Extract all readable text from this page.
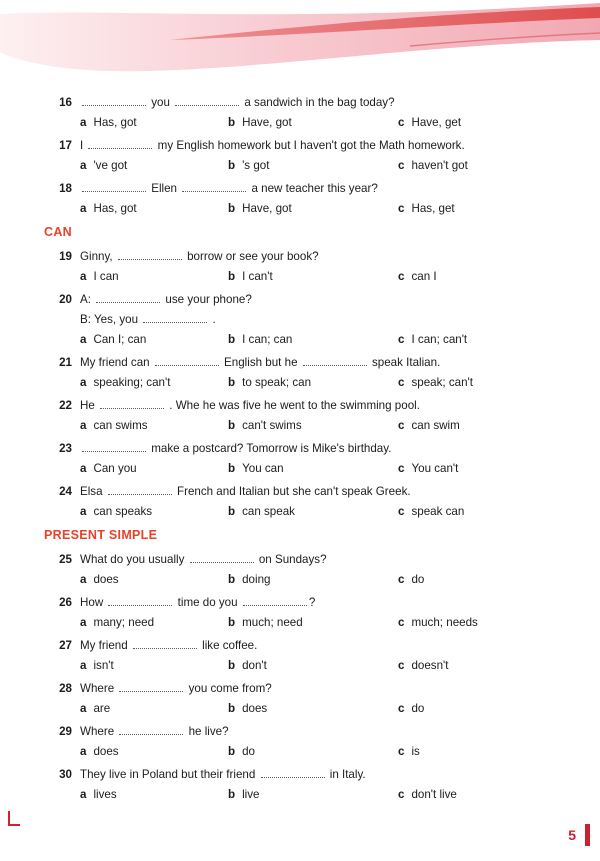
16	you	a sandwich in the bag today?
a Has, got	b Have, got	c Have, get
17 I	my English homework but I haven't got the Math homework.
a 've got	b 's got	c haven't got
18	Ellen	a new teacher this year?
a Has, got	b Have, got	c Has, get
CAN
19 Ginny,	borrow or see your book?
a I can	b I can't	c can I
20 A:	use your phone?
B: Yes, you	.
a Can I; can	b I can; can	c I can; can't
21 My friend can	English but he	speak Italian.
a speaking; can't	b to speak; can	c speak; can't
22 He	. Whe he was five he went to the swimming pool.
a can swims	b can't swims	c can swim
23	make a postcard? Tomorrow is Mike's birthday.
a Can you	b You can	c You can't
24 Elsa	French and Italian but she can't speak Greek.
a can speaks	b can speak	c speak can
PRESENT SIMPLE
25 What do you usually	on Sundays?
a does	b doing	c do
26 How	time do you	?
a many; need	b much; need	c much; needs
27 My friend	like coffee.
a isn't	b don't	c doesn't
28 Where	you come from?
a are	b does	c do
29 Where	he live?
a does	b do	c is
30 They live in Poland but their friend	in Italy.
a lives	b live	c don't live
5
